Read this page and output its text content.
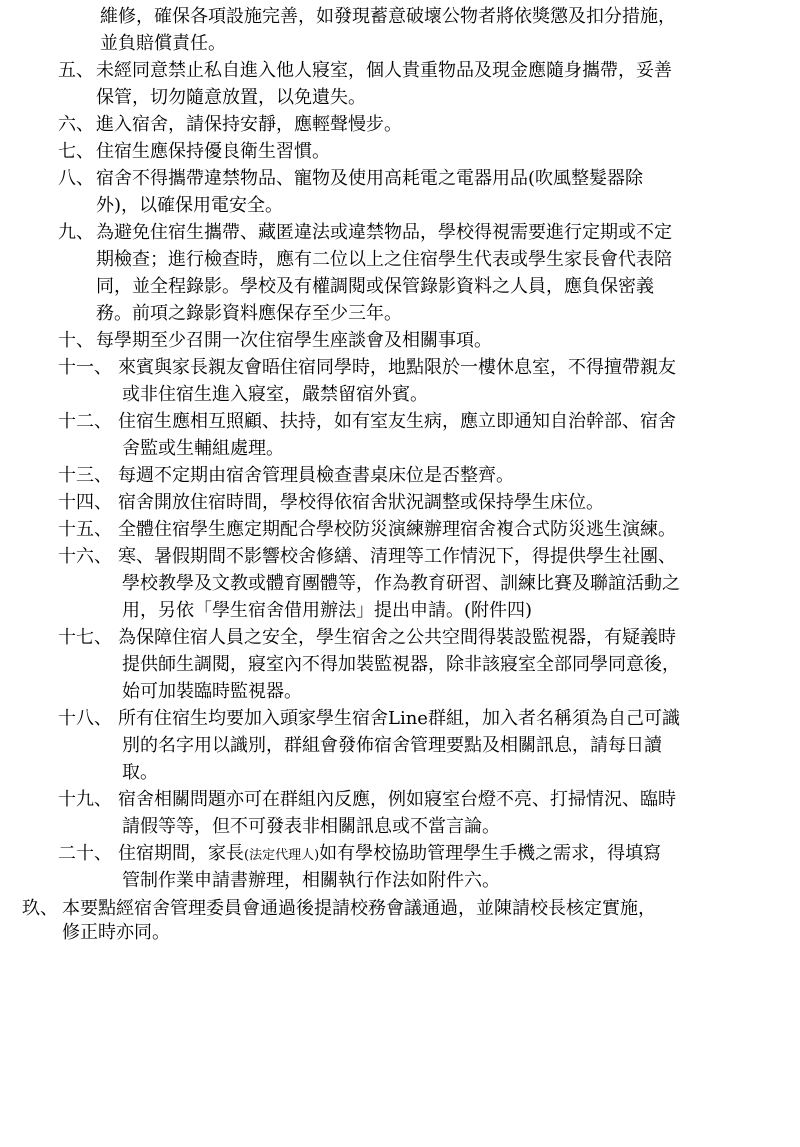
維修，確保各項設施完善，如發現蓄意破壞公物者將依獎懲及扣分措施，
並負賠償責任。
五、 未經同意禁止私自進入他人寢室，個人貴重物品及現金應隨身攜帶，妥善
保管，切勿隨意放置，以免遺失。
六、 進入宿舍，請保持安靜，應輕聲慢步。
七、 住宿生應保持優良衛生習慣。
八、 宿舍不得攜帶違禁物品、寵物及使用高耗電之電器用品(吹風整髮器除
外)，以確保用電安全。
九、 為避免住宿生攜帶、藏匿違法或違禁物品，學校得視需要進行定期或不定
期檢查；進行檢查時，應有二位以上之住宿學生代表或學生家長會代表陪
同，並全程錄影。學校及有權調閱或保管錄影資料之人員，應負保密義
務。前項之錄影資料應保存至少三年。
十、 每學期至少召開一次住宿學生座談會及相關事項。
十一、 來賓與家長親友會晤住宿同學時，地點限於一樓休息室，不得擅帶親友
或非住宿生進入寢室，嚴禁留宿外賓。
十二、 住宿生應相互照顧、扶持，如有室友生病，應立即通知自治幹部、宿舍
舍監或生輔組處理。
十三、 每週不定期由宿舍管理員檢查書桌床位是否整齊。
十四、 宿舍開放住宿時間，學校得依宿舍狀況調整或保持學生床位。
十五、 全體住宿學生應定期配合學校防災演練辦理宿舍複合式防災逃生演練。
十六、 寒、暑假期間不影響校舍修繕、清理等工作情況下，得提供學生社團、
學校教學及文教或體育團體等，作為教育研習、訓練比賽及聯誼活動之
用，另依「學生宿舍借用辦法」提出申請。(附件四)
十七、 為保障住宿人員之安全，學生宿舍之公共空間得裝設監視器，有疑義時
提供師生調閱，寢室內不得加裝監視器，除非該寢室全部同學同意後，
始可加裝臨時監視器。
十八、 所有住宿生均要加入頭家學生宿舍Line群組，加入者名稱須為自己可識
別的名字用以識別，群組會發佈宿舍管理要點及相關訊息，請每日讀
取。
十九、 宿舍相關問題亦可在群組內反應，例如寢室台燈不亮、打掃情況、臨時
請假等等，但不可發表非相關訊息或不當言論。
二十、 住宿期間，家長(法定代理人)如有學校協助管理學生手機之需求，得填寫
管制作業申請書辦理，相關執行作法如附件六。
玖、 本要點經宿舍管理委員會通過後提請校務會議通過，並陳請校長核定實施，
修正時亦同。
